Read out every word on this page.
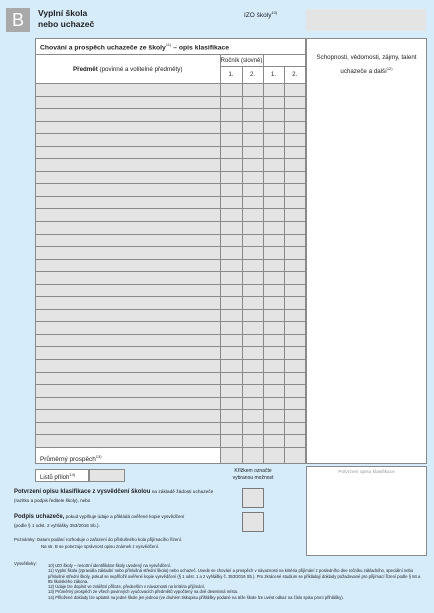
B	Vyplní škola
nebo uchazeč
IZO školy$^{10)}$
Chování a prospěch uchazeče ze školy$^{11)}$ – opis klasifikace
Předmět (povinné a volitelné předměty)	Ročník (slovně)			
	1.	2.	1.	2.

Průměrný prospěch$^{13)}$				
Schopnosti, vědomosti, zájmy, talent uchazeče a další$^{12)}$
Listů příloh$^{14)}$
Křížkem označte
vybranou možnost
Potvrzení opisu klasifikace
Potvrzení opisu klasifikace z vysvědčení školou na základě žádosti uchazeče
(razítko a podpis ředitele školy), nebo
Podpis uchazeče, pokud vyplňuje údaje a přikládá ověřené kopie vysvědčení
(podle § 1 odst. 2 vyhlášky 353/2016 Sb.).
Poznámky: Datum podání rozhoduje o zařazení do příslušného kola přijímacího řízení.
Na str. B se potvrzuje správnost opisu známek z vysvědčení.
Vysvětlivky:	10) IZO školy – resortní identifikátor školy uvedený na vysvědčení.
11) Vyplní škola (zpravidla základní nebo příslušná střední škola) nebo uchazeč. Uvede se chování a prospěch v návaznosti na kritéria přijímání z posledního dne ročníku základního, speciální nebo příslušné střední školy, pokud se nepříložil ověřené kopie vysvědčení (§ 1 odst. 1 a 2 vyhlášky č. 353/2016 Sb.). Pro zkrácené studium se přikládají doklady požadované pro přijímací řízení podle § 84 a 85 školského zákona.
12) Údaje lze doplnit ve zvláštní příloze, především v návaznosti na kritéria přijímání.
13) Průměrný prospěch ze všech povinných vyučovacích předmětů vypočtený na dvě desetinná místa.
14) Přiložené doklady lze uplatnit na jedné škole jen jednou (ve druhém tiskopisu přihlášky podané na téže škole lze uvést odkaz na číslo spisu první přihlášky).
